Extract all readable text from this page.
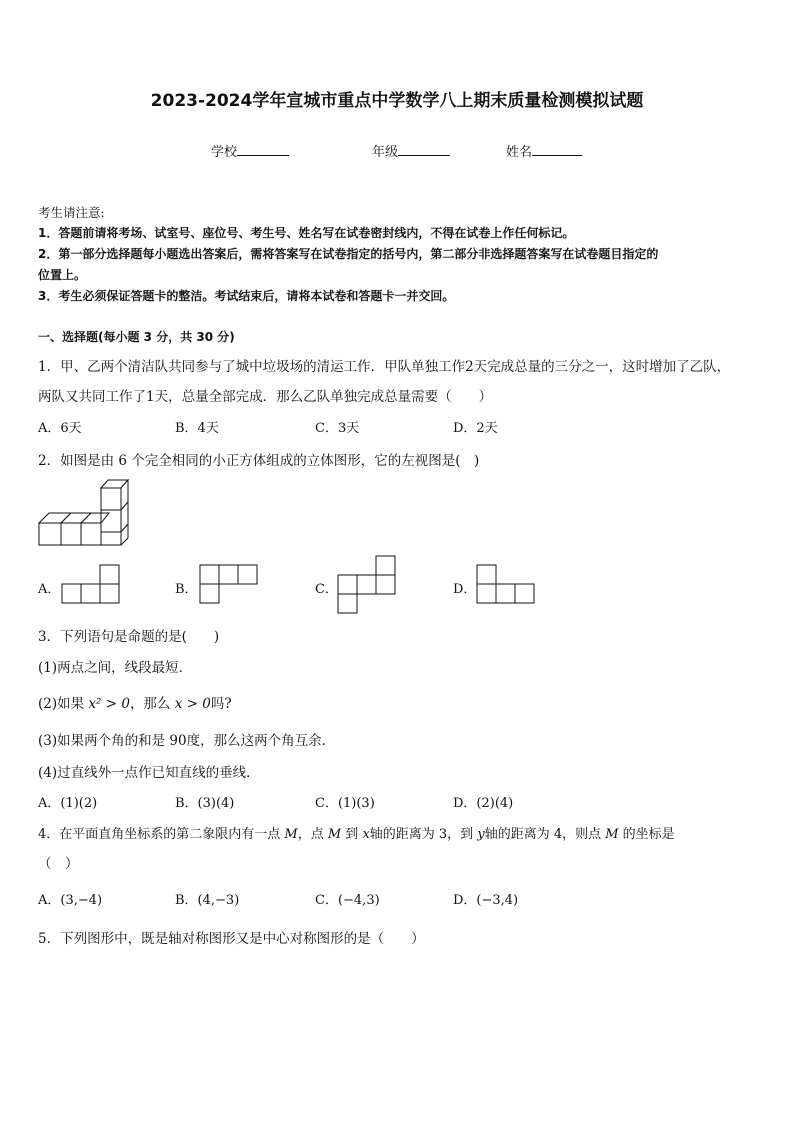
2023-2024学年宣城市重点中学数学八上期末质量检测模拟试题
学校	年级	姓名
考生请注意:
1．答题前请将考场、试室号、座位号、考生号、姓名写在试卷密封线内，不得在试卷上作任何标记。
2．第一部分选择题每小题选出答案后，需将答案写在试卷指定的括号内，第二部分非选择题答案写在试卷题目指定的
位置上。
3．考生必须保证答题卡的整洁。考试结束后，请将本试卷和答题卡一并交回。
一、选择题(每小题 3 分，共 30 分)
1．甲、乙两个清洁队共同参与了城中垃圾场的清运工作．甲队单独工作2天完成总量的三分之一，这时增加了乙队，
两队又共同工作了1天，总量全部完成．那么乙队单独完成总量需要（　　）
A．6天	B．4天	C．3天	D．2天
2．如图是由 6 个完全相同的小正方体组成的立体图形，它的左视图是(　)
A．	B．	C．	D．
3．下列语句是命题的是(　　)
(1)两点之间，线段最短．
(2)如果 x² > 0，那么 x > 0吗?
(3)如果两个角的和是 90度，那么这两个角互余．
(4)过直线外一点作已知直线的垂线．
A．(1)(2)	B．(3)(4)	C．(1)(3)	D．(2)(4)
4．在平面直角坐标系的第二象限内有一点 M，点 M 到 x轴的距离为 3，到 y轴的距离为 4，则点 M 的坐标是
（　）
A．(3,−4)	B．(4,−3)	C．(−4,3)	D．(−3,4)
5．下列图形中，既是轴对称图形又是中心对称图形的是（　　）
